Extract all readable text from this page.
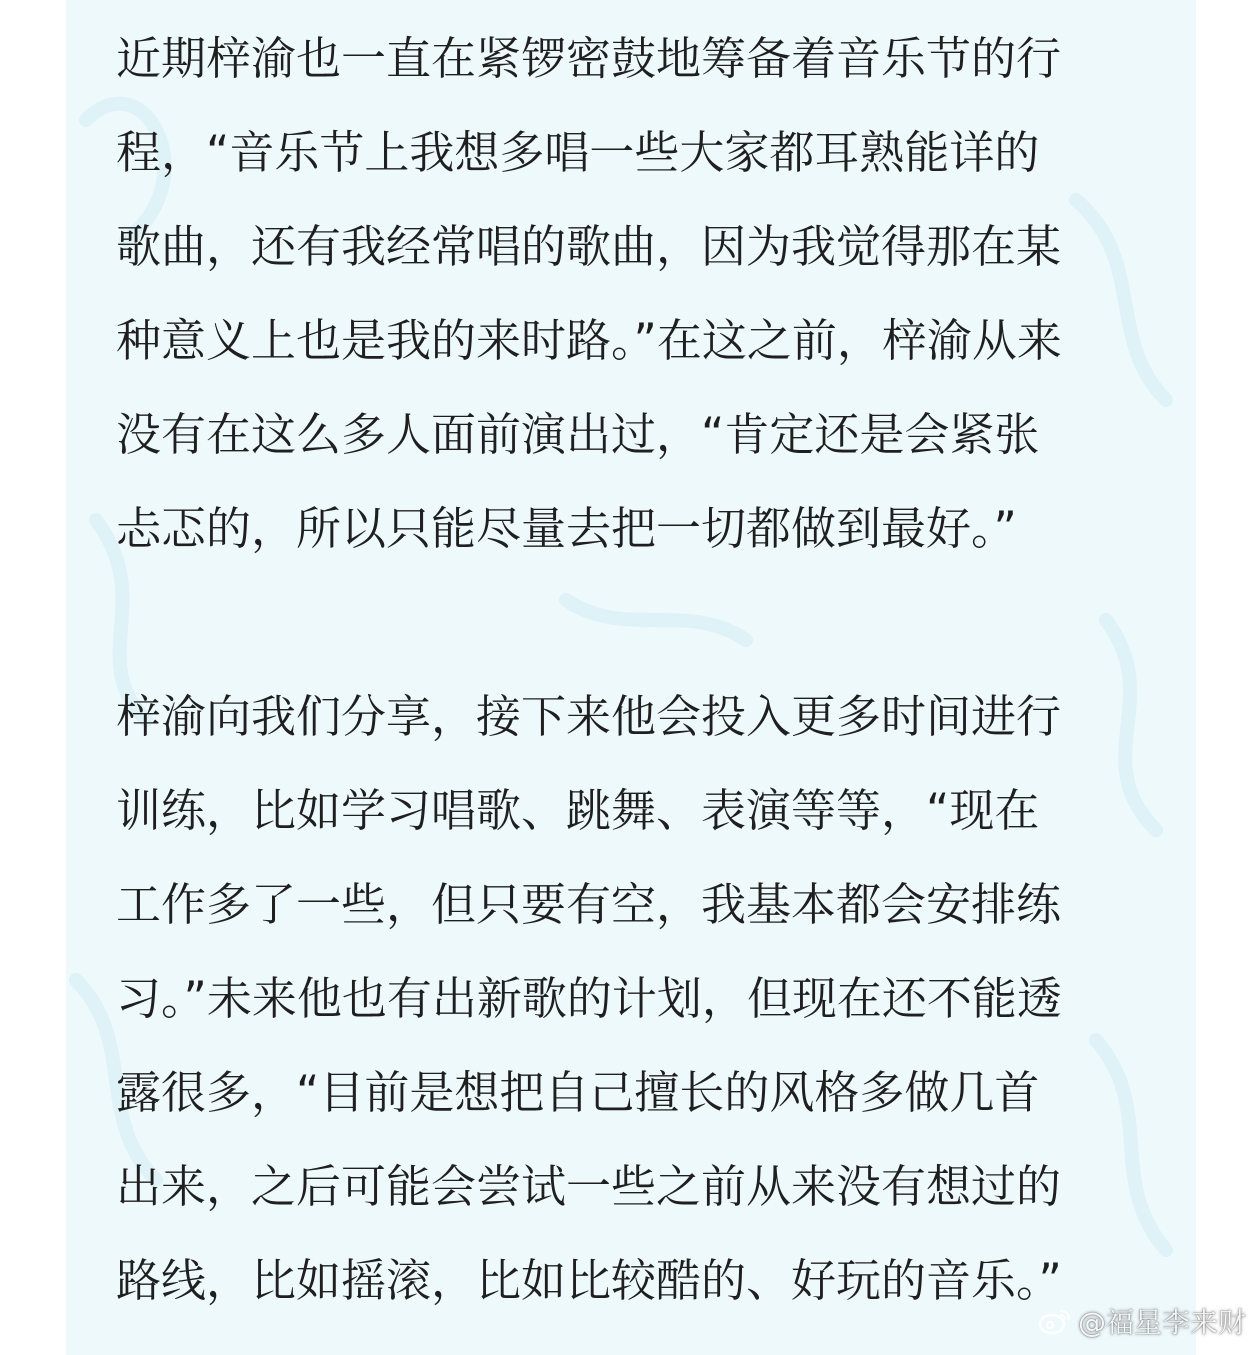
近期梓渝也一直在紧锣密鼓地筹备着音乐节的行
程，“音乐节上我想多唱一些大家都耳熟能详的
歌曲，还有我经常唱的歌曲，因为我觉得那在某
种意义上也是我的来时路。”在这之前，梓渝从来
没有在这么多人面前演出过，“肯定还是会紧张
忐忑的，所以只能尽量去把一切都做到最好。”

梓渝向我们分享，接下来他会投入更多时间进行
训练，比如学习唱歌、跳舞、表演等等，“现在
工作多了一些，但只要有空，我基本都会安排练
习。”未来他也有出新歌的计划，但现在还不能透
露很多，“目前是想把自己擅长的风格多做几首
出来，之后可能会尝试一些之前从来没有想过的
路线，比如摇滚，比如比较酷的、好玩的音乐。”

@福星李来财
